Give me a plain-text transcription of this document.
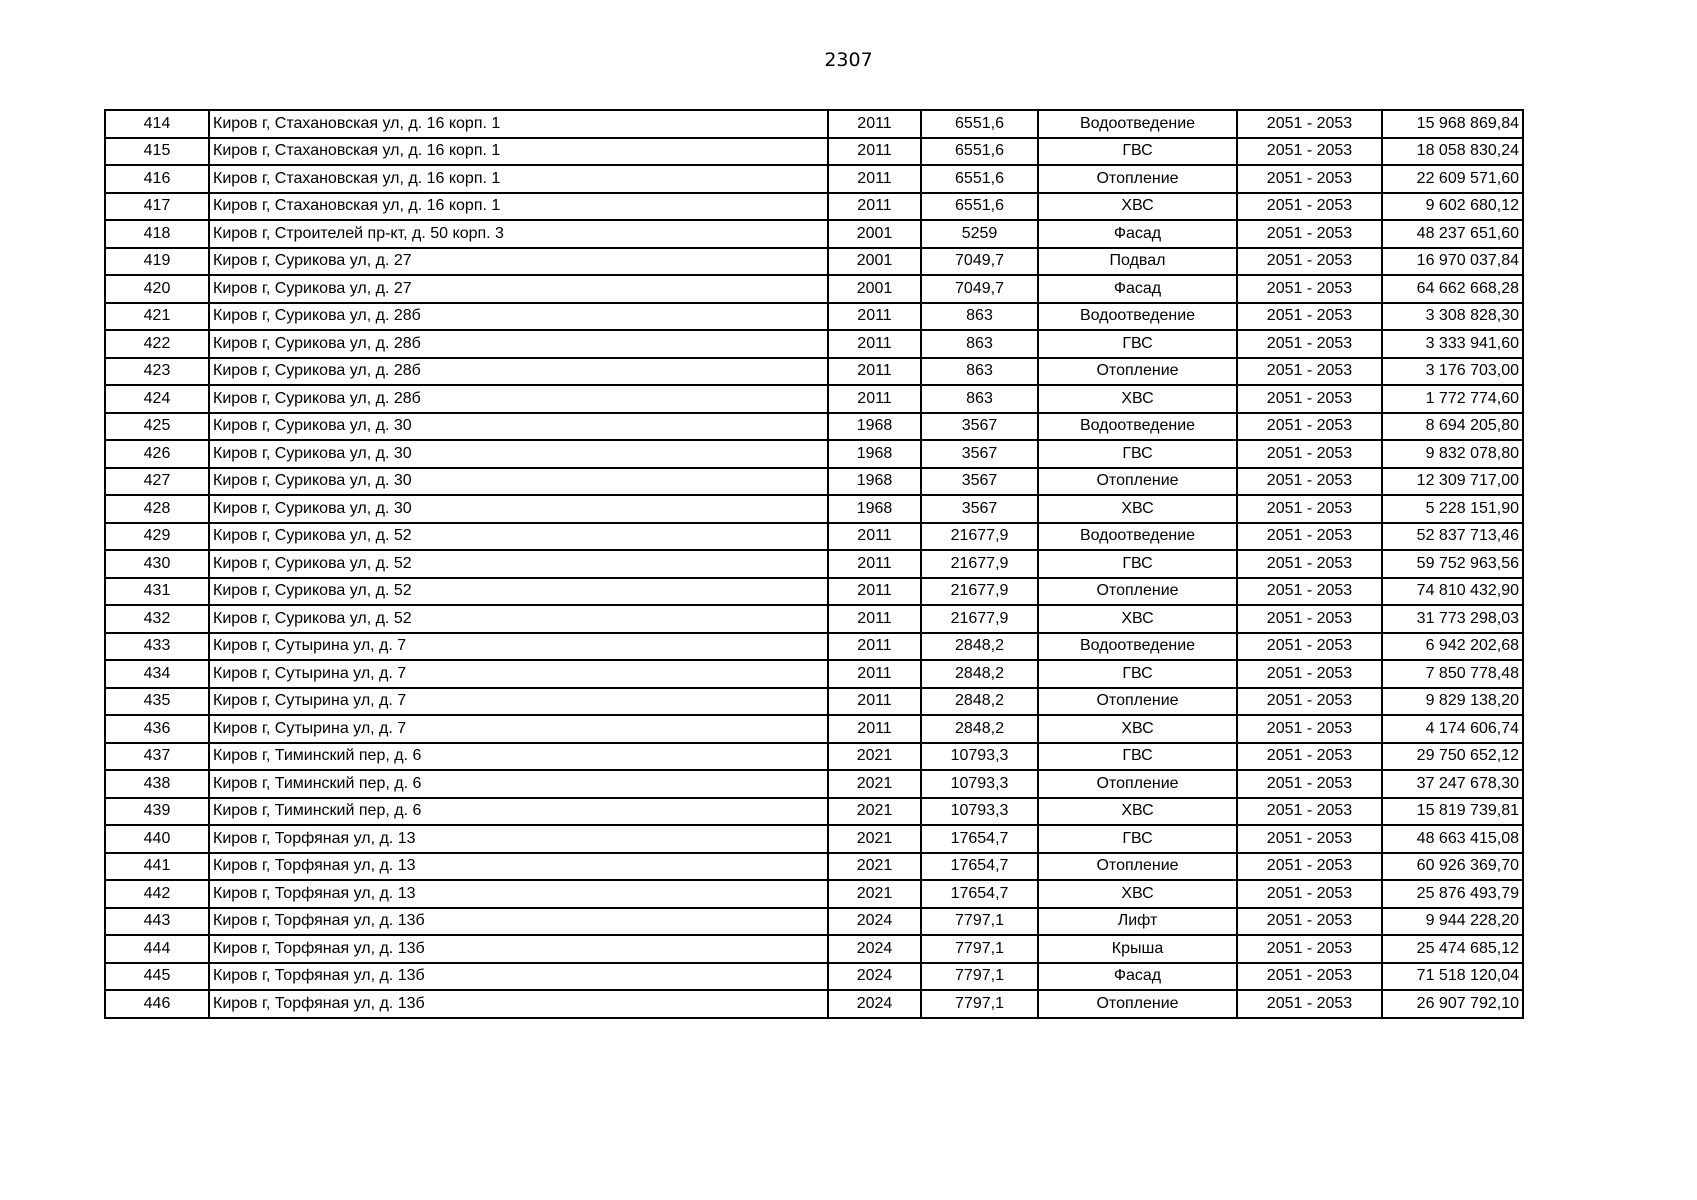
2307
414	Киров г, Стахановская ул, д. 16 корп. 1	2011	6551,6	Водоотведение	2051 - 2053	15 968 869,84
415	Киров г, Стахановская ул, д. 16 корп. 1	2011	6551,6	ГВС	2051 - 2053	18 058 830,24
416	Киров г, Стахановская ул, д. 16 корп. 1	2011	6551,6	Отопление	2051 - 2053	22 609 571,60
417	Киров г, Стахановская ул, д. 16 корп. 1	2011	6551,6	ХВС	2051 - 2053	9 602 680,12
418	Киров г, Строителей пр-кт, д. 50 корп. 3	2001	5259	Фасад	2051 - 2053	48 237 651,60
419	Киров г, Сурикова ул, д. 27	2001	7049,7	Подвал	2051 - 2053	16 970 037,84
420	Киров г, Сурикова ул, д. 27	2001	7049,7	Фасад	2051 - 2053	64 662 668,28
421	Киров г, Сурикова ул, д. 28б	2011	863	Водоотведение	2051 - 2053	3 308 828,30
422	Киров г, Сурикова ул, д. 28б	2011	863	ГВС	2051 - 2053	3 333 941,60
423	Киров г, Сурикова ул, д. 28б	2011	863	Отопление	2051 - 2053	3 176 703,00
424	Киров г, Сурикова ул, д. 28б	2011	863	ХВС	2051 - 2053	1 772 774,60
425	Киров г, Сурикова ул, д. 30	1968	3567	Водоотведение	2051 - 2053	8 694 205,80
426	Киров г, Сурикова ул, д. 30	1968	3567	ГВС	2051 - 2053	9 832 078,80
427	Киров г, Сурикова ул, д. 30	1968	3567	Отопление	2051 - 2053	12 309 717,00
428	Киров г, Сурикова ул, д. 30	1968	3567	ХВС	2051 - 2053	5 228 151,90
429	Киров г, Сурикова ул, д. 52	2011	21677,9	Водоотведение	2051 - 2053	52 837 713,46
430	Киров г, Сурикова ул, д. 52	2011	21677,9	ГВС	2051 - 2053	59 752 963,56
431	Киров г, Сурикова ул, д. 52	2011	21677,9	Отопление	2051 - 2053	74 810 432,90
432	Киров г, Сурикова ул, д. 52	2011	21677,9	ХВС	2051 - 2053	31 773 298,03
433	Киров г, Сутырина ул, д. 7	2011	2848,2	Водоотведение	2051 - 2053	6 942 202,68
434	Киров г, Сутырина ул, д. 7	2011	2848,2	ГВС	2051 - 2053	7 850 778,48
435	Киров г, Сутырина ул, д. 7	2011	2848,2	Отопление	2051 - 2053	9 829 138,20
436	Киров г, Сутырина ул, д. 7	2011	2848,2	ХВС	2051 - 2053	4 174 606,74
437	Киров г, Тиминский пер, д. 6	2021	10793,3	ГВС	2051 - 2053	29 750 652,12
438	Киров г, Тиминский пер, д. 6	2021	10793,3	Отопление	2051 - 2053	37 247 678,30
439	Киров г, Тиминский пер, д. 6	2021	10793,3	ХВС	2051 - 2053	15 819 739,81
440	Киров г, Торфяная ул, д. 13	2021	17654,7	ГВС	2051 - 2053	48 663 415,08
441	Киров г, Торфяная ул, д. 13	2021	17654,7	Отопление	2051 - 2053	60 926 369,70
442	Киров г, Торфяная ул, д. 13	2021	17654,7	ХВС	2051 - 2053	25 876 493,79
443	Киров г, Торфяная ул, д. 13б	2024	7797,1	Лифт	2051 - 2053	9 944 228,20
444	Киров г, Торфяная ул, д. 13б	2024	7797,1	Крыша	2051 - 2053	25 474 685,12
445	Киров г, Торфяная ул, д. 13б	2024	7797,1	Фасад	2051 - 2053	71 518 120,04
446	Киров г, Торфяная ул, д. 13б	2024	7797,1	Отопление	2051 - 2053	26 907 792,10
